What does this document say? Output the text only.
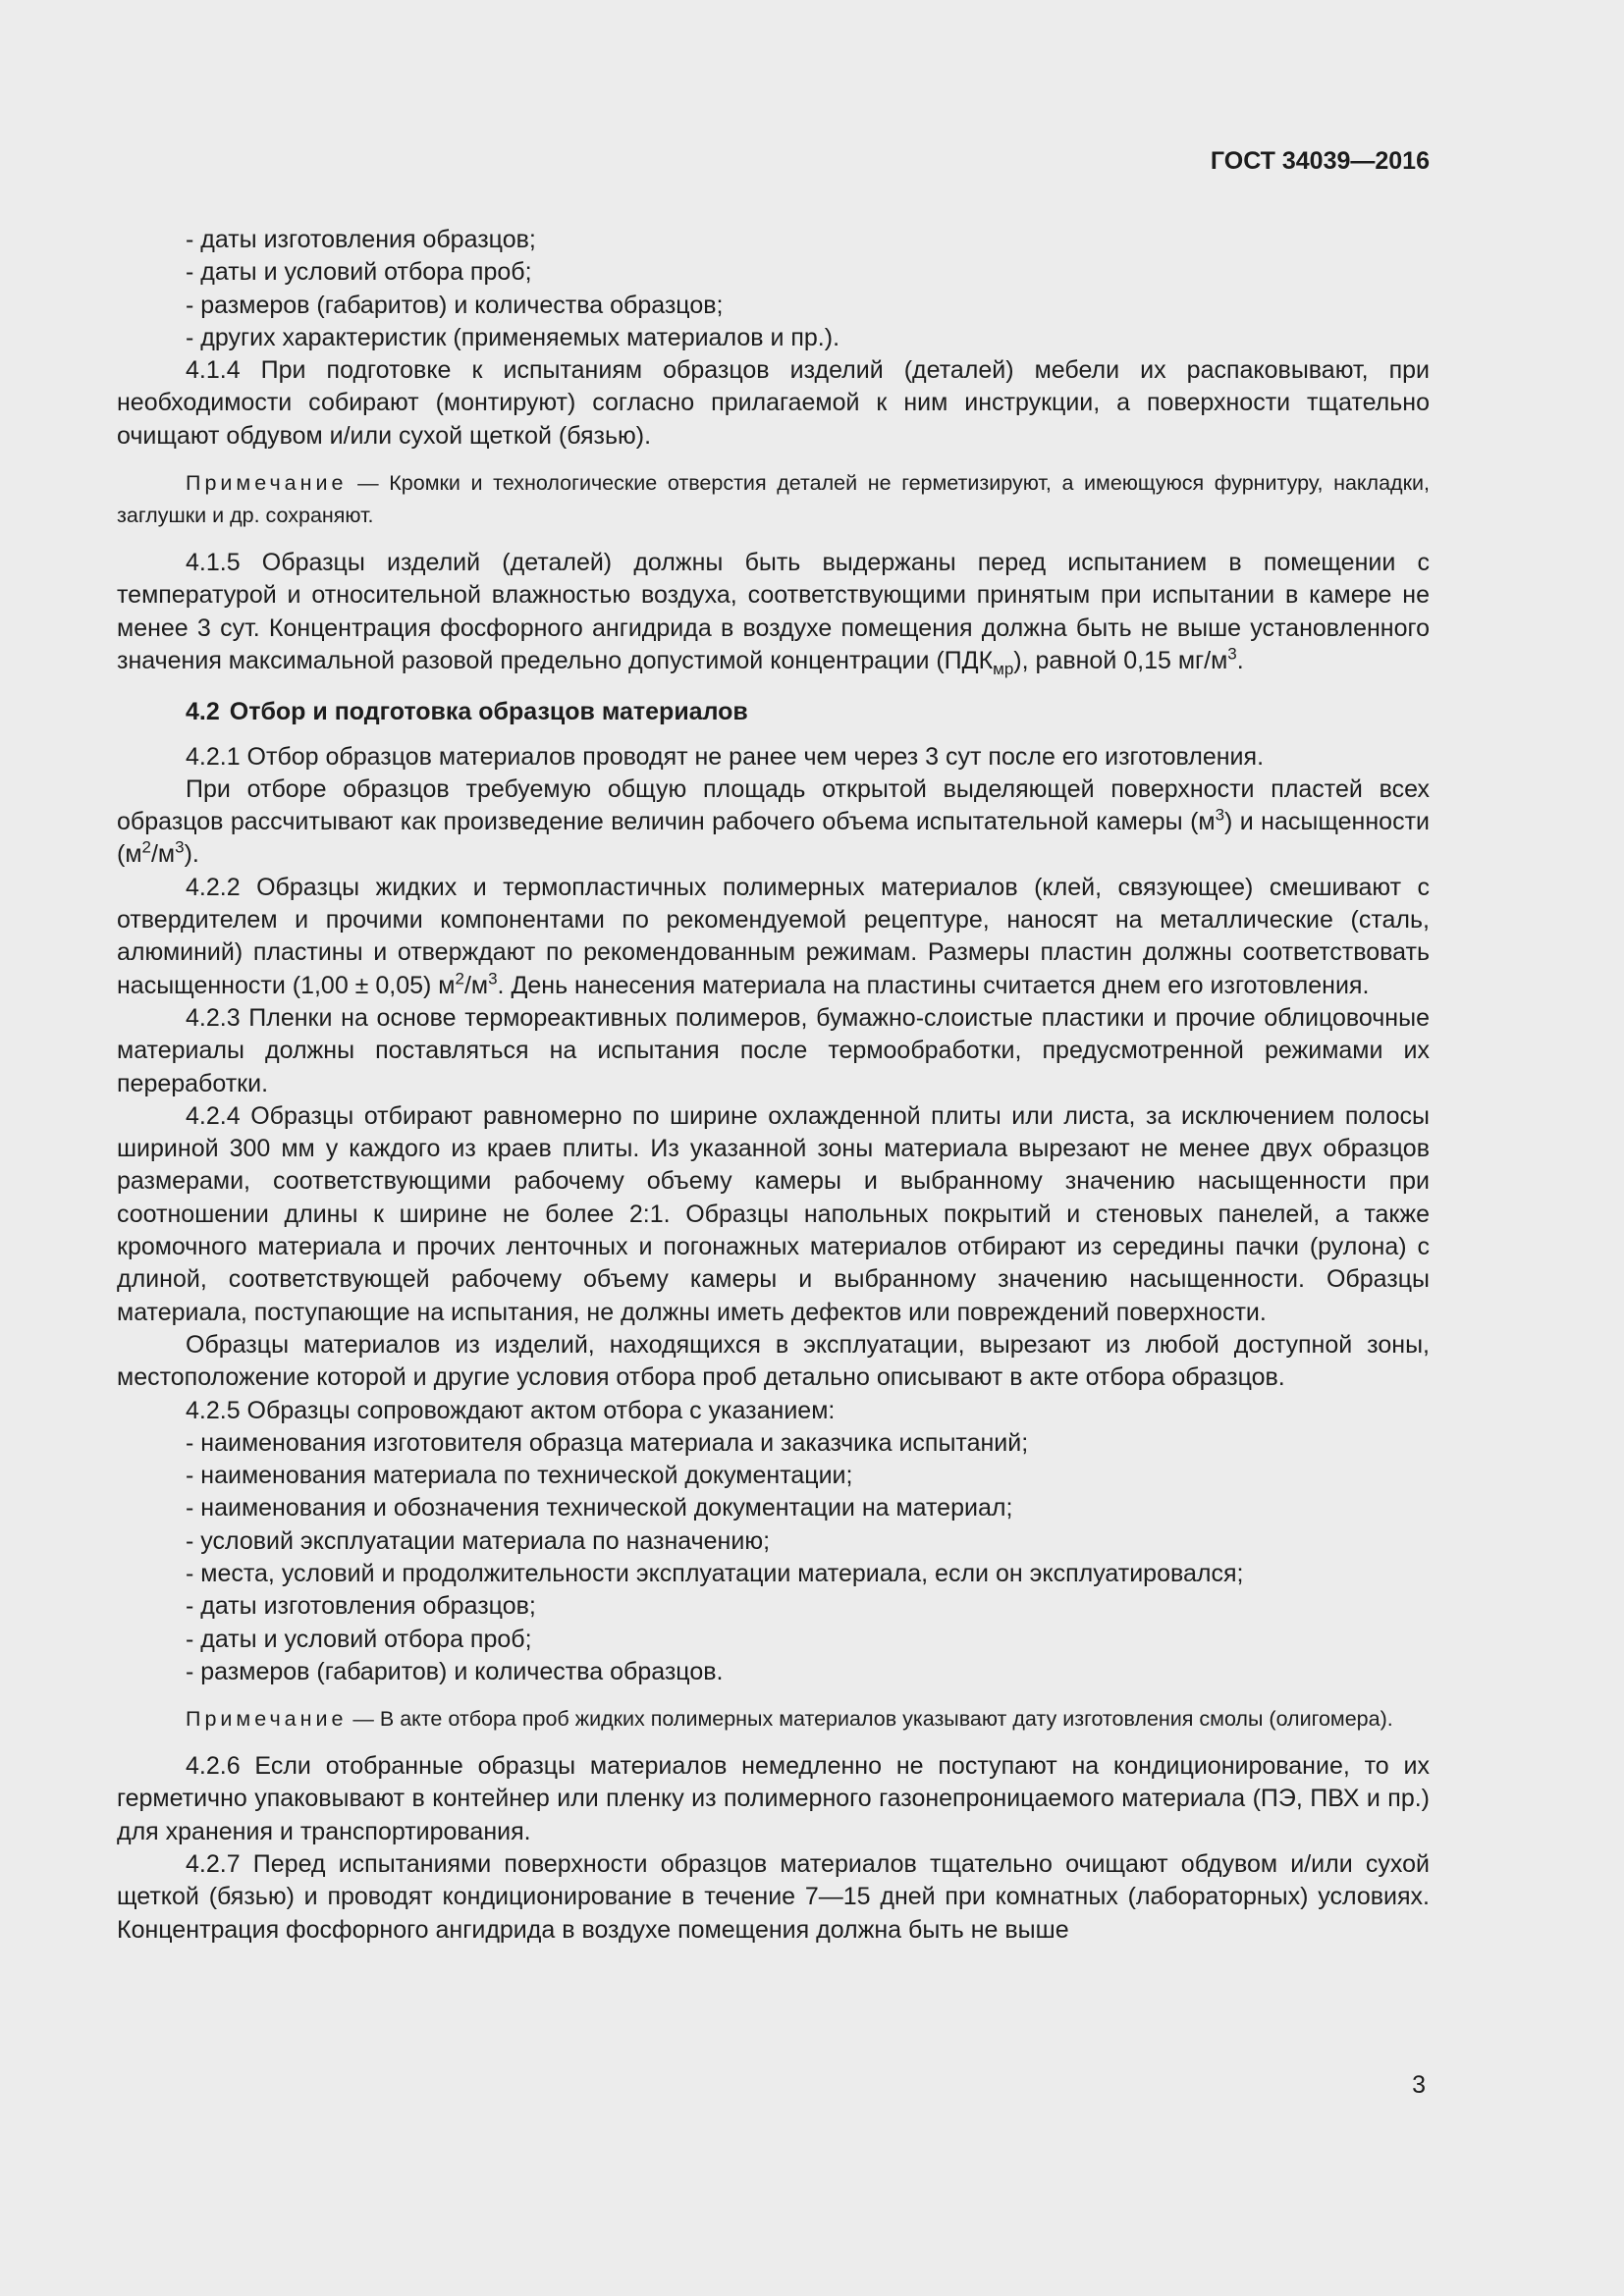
ГОСТ 34039—2016
- даты изготовления образцов;
- даты и условий отбора проб;
- размеров (габаритов) и количества образцов;
- других характеристик (применяемых материалов и пр.).

4.1.4 При подготовке к испытаниям образцов изделий (деталей) мебели их распаковывают, при необходимости собирают (монтируют) согласно прилагаемой к ним инструкции, а поверхности тщательно очищают обдувом и/или сухой щеткой (бязью).

Примечание — Кромки и технологические отверстия деталей не герметизируют, а имеющуюся фурнитуру, накладки, заглушки и др. сохраняют.

4.1.5 Образцы изделий (деталей) должны быть выдержаны перед испытанием в помещении с температурой и относительной влажностью воздуха, соответствующими принятым при испытании в камере не менее 3 сут. Концентрация фосфорного ангидрида в воздухе помещения должна быть не выше установленного значения максимальной разовой предельно допустимой концентрации $(ПДК_{мр})$, равной 0,15 $мг/м^3$.

4.2 Отбор и подготовка образцов материалов

4.2.1 Отбор образцов материалов проводят не ранее чем через 3 сут после его изготовления.

При отборе образцов требуемую общую площадь открытой выделяющей поверхности пластей всех образцов рассчитывают как произведение величин рабочего объема испытательной камеры $(м^3)$ и насыщенности $(м^2/м^3)$.

4.2.2 Образцы жидких и термопластичных полимерных материалов (клей, связующее) смешивают с отвердителем и прочими компонентами по рекомендуемой рецептуре, наносят на металлические (сталь, алюминий) пластины и отверждают по рекомендованным режимам. Размеры пластин должны соответствовать насыщенности (1,00 ± 0,05) $м^2/м^3$. День нанесения материала на пластины считается днем его изготовления.

4.2.3 Пленки на основе термореактивных полимеров, бумажно-слоистые пластики и прочие облицовочные материалы должны поставляться на испытания после термообработки, предусмотренной режимами их переработки.

4.2.4 Образцы отбирают равномерно по ширине охлажденной плиты или листа, за исключением полосы шириной 300 мм у каждого из краев плиты. Из указанной зоны материала вырезают не менее двух образцов размерами, соответствующими рабочему объему камеры и выбранному значению насыщенности при соотношении длины к ширине не более 2:1. Образцы напольных покрытий и стеновых панелей, а также кромочного материала и прочих ленточных и погонажных материалов отбирают из середины пачки (рулона) с длиной, соответствующей рабочему объему камеры и выбранному значению насыщенности. Образцы материала, поступающие на испытания, не должны иметь дефектов или повреждений поверхности.

Образцы материалов из изделий, находящихся в эксплуатации, вырезают из любой доступной зоны, местоположение которой и другие условия отбора проб детально описывают в акте отбора образцов.

4.2.5 Образцы сопровождают актом отбора с указанием:

- наименования изготовителя образца материала и заказчика испытаний;
- наименования материала по технической документации;
- наименования и обозначения технической документации на материал;
- условий эксплуатации материала по назначению;
- места, условий и продолжительности эксплуатации материала, если он эксплуатировался;
- даты изготовления образцов;
- даты и условий отбора проб;
- размеров (габаритов) и количества образцов.

Примечание — В акте отбора проб жидких полимерных материалов указывают дату изготовления смолы (олигомера).

4.2.6 Если отобранные образцы материалов немедленно не поступают на кондиционирование, то их герметично упаковывают в контейнер или пленку из полимерного газонепроницаемого материала (ПЭ, ПВХ и пр.) для хранения и транспортирования.

4.2.7 Перед испытаниями поверхности образцов материалов тщательно очищают обдувом и/или сухой щеткой (бязью) и проводят кондиционирование в течение 7—15 дней при комнатных (лабораторных) условиях. Концентрация фосфорного ангидрида в воздухе помещения должна быть не выше

3
